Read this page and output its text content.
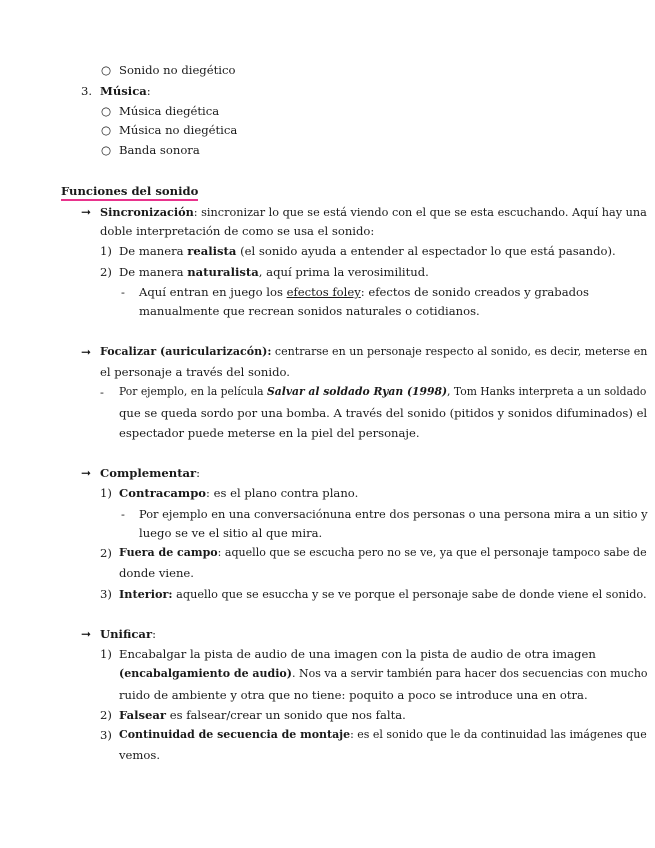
○ Sonido no diegético
3. Música:
○ Música diegética
○ Música no diegética
○ Banda sonora
Funciones del sonido
➞ Sincronización: sincronizar lo que se está viendo con el que se esta escuchando. Aquí hay una
doble interpretación de como se usa el sonido:
1) De manera realista (el sonido ayuda a entender al espectador lo que está pasando).
2) De manera naturalista, aquí prima la verosimilitud.
- Aquí entran en juego los efectos foley: efectos de sonido creados y grabados
manualmente que recrean sonidos naturales o cotidianos.
➞ Focalizar (auricularizacón): centrarse en un personaje respecto al sonido, es decir, meterse en
el personaje a través del sonido.
- Por ejemplo, en la película Salvar al soldado Ryan (1998), Tom Hanks interpreta a un soldado
que se queda sordo por una bomba. A través del sonido (pitidos y sonidos difuminados) el
espectador puede meterse en la piel del personaje.
➞ Complementar:
1) Contracampo: es el plano contra plano.
- Por ejemplo en una conversaciónuna entre dos personas o una persona mira a un sitio y
luego se ve el sitio al que mira.
2) Fuera de campo: aquello que se escucha pero no se ve, ya que el personaje tampoco sabe de
donde viene.
3) Interior: aquello que se esuccha y se ve porque el personaje sabe de donde viene el sonido.
➞ Unificar:
1) Encabalgar la pista de audio de una imagen con la pista de audio de otra imagen
(encabalgamiento de audio). Nos va a servir también para hacer dos secuencias con mucho
ruido de ambiente y otra que no tiene: poquito a poco se introduce una en otra.
2) Falsear es falsear/crear un sonido que nos falta.
3) Continuidad de secuencia de montaje: es el sonido que le da continuidad las imágenes que
vemos.
